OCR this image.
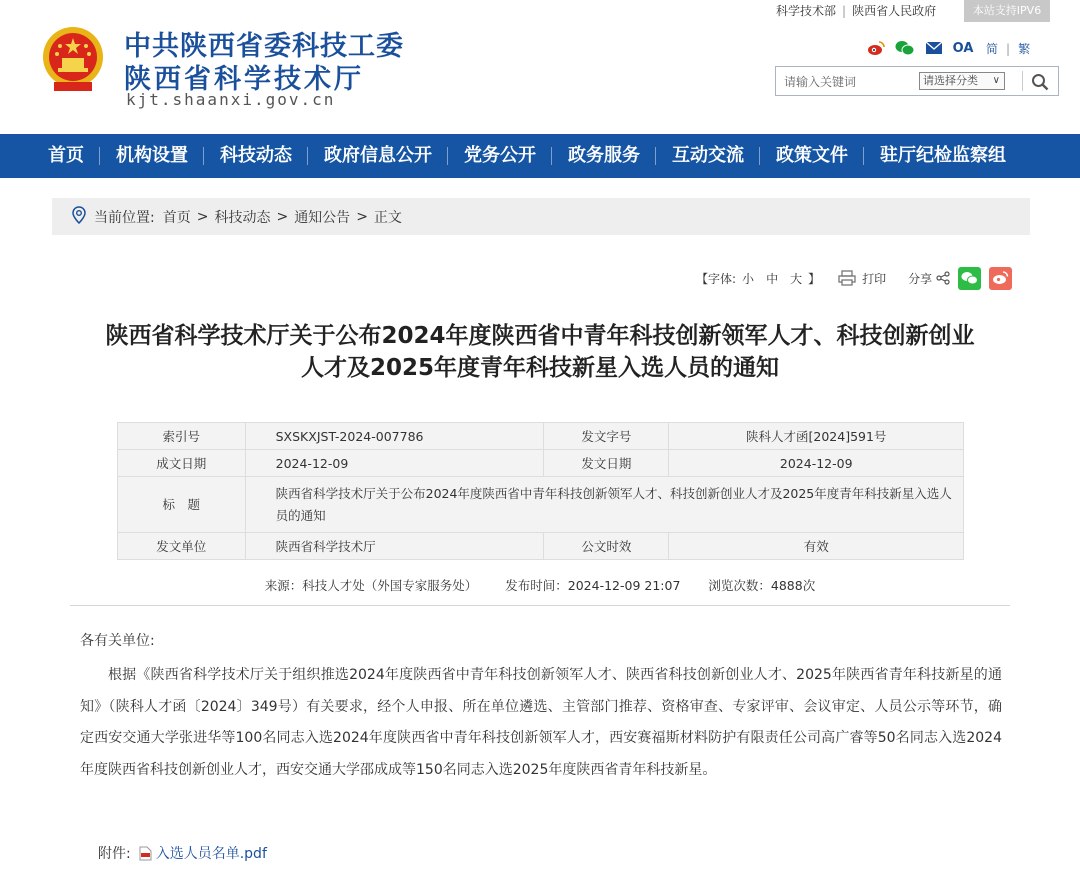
中共陕西省委科技工委
陕西省科学技术厅
kjt.shaanxi.gov.cn
科学技术部 | 陕西省人民政府	本站支持IPV6
OA 简 | 繁
请输入关键词
请选择分类 ∨
首页	机构设置	科技动态	政府信息公开	党务公开	政务服务	互动交流	政策文件	驻厅纪检监察组
当前位置: 首页 > 科技动态 > 通知公告 > 正文
【字体: 小 中 大 】	打印 分享
陕西省科学技术厅关于公布2024年度陕西省中青年科技创新领军人才、科技创新创业
人才及2025年度青年科技新星入选人员的通知
索引号	SXSKXJST-2024-007786	发文字号	陕科人才函[2024]591号
成文日期	2024-12-09	发文日期	2024-12-09
标　题	陕西省科学技术厅关于公布2024年度陕西省中青年科技创新领军人才、科技创新创业人才及2025年度青年科技新星入选人员的通知		
发文单位	陕西省科学技术厅	公文时效	有效
来源：科技人才处（外国专家服务处） 发布时间：2024-12-09 21:07 浏览次数：4888次
各有关单位:
根据《陕西省科学技术厅关于组织推选2024年度陕西省中青年科技创新领军人才、陕西省科技创新创业人才、2025年陕西省青年科技新星的通知》（陕科人才函〔2024〕349号）有关要求，经个人申报、所在单位遴选、主管部门推荐、资格审查、专家评审、会议审定、人员公示等环节，确定西安交通大学张进华等100名同志入选2024年度陕西省中青年科技创新领军人才，西安赛福斯材料防护有限责任公司高广睿等50名同志入选2024年度陕西省科技创新创业人才，西安交通大学邵成成等150名同志入选2025年度陕西省青年科技新星。
附件: 入选人员名单.pdf
